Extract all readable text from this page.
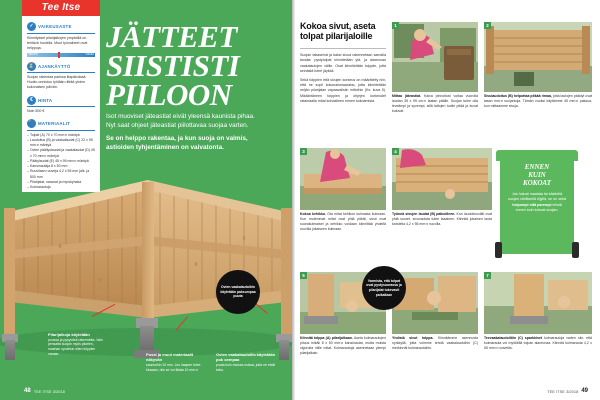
Tee Itse
✓	VAIKEUSASTE
Kiinnitykset pilarijalkojen ympärillä on tehtävä huolella. Muut työvaiheet ovat helppoja.
HELPPO	VAIKEA
⏳ AJANKÄYTTÖ
Suojan rakentaa parissa iltapäivässä. Huolto onnistuu työlään riittää yhden kokonaisen päivän.
€	HINTA
Noin 500 €
🔨 MATERIAALIT
– Tolpat (A) 70 x 70 mm:n mäntyä
– Laudoitus (B) ja vaakalaudat (C) 22 x 95 mm:n mäntyä
– Ovien päällyslaudat ja vaakalaudat (D) 45 x 70 mm:n mäntyä
– Päätylaudat (E) 45 x 95 mm:n mäntyä
– Kansinaulaja 8 x 50 mm
– Ruuvilaan ruuveja 4,2 x 55 mm jalk. ja 800 mm
– Pilarijalat, saranat ja myrskyhaka
– Kulmarautoja
JÄTTEET
SIISTISTI
PIILOON
Isot muoviset jäteastiat eivät yleensä kaunista pihaa.
Nyt saat ohjeet jäteastiat piilottavaa suojaa varten.
Se on helppo rakentaa, ja kun suoja on valmis,
astioiden tyhjentäminen on vaivatonta.
Pilarijalkoja käytetään
puussa ja pysyvästi rakennetta. Vain pensaita suojan myös pilarien, maahan upotetun siten tolppien varaan.	Pussi ja muut materiaalit näkyvän
saumoihin 10 mm. Jos haapen tulee kiusaan, niin se voi tiltata 10 mm:n
Ovien vaakalaudoilla käytetään pok oempaa
puuta kuin muissa osissa, jotta ne eivät taivu.
48 TEE ITSE 3/2018
Kokoa sivut, aseta
tolpat pilarijaloille

Suojan takaseinä ja kaksi sivua rakennetaan samalla tavalla: pystytolpat kiinnitetään ylä- ja alareunan vaakalautojen väliin. Osat kiinnitetään tolppiin, jotta seinästä tulee jäykkä.

Sekä tolppien että sivujen korkeus on määrätelty niin, että ne sopii kokonaismaaraksi, jotta kiinnitetään neljän pilarijalan vapaavalisiin mittoihin (Ks. kuva 5). Mädäntäneen tolppien ja ohjejen korkeudet ratamaalla mitat kohdalleen ennen kokoamista.

1
Mittaa jäteastiat. Kaiva pinnoitust voitaa vuorolla laudan 35 x 95 cm:n laatan päälle. Suojan tulee olla leveämpi ja syvempi, sillä lattojen tuolle pitää ja kuvat kuluvat.
2
Sivulaudoitus (B) helpottaa pitkää rimaa, jotta lautojen päädyt ovat tasan mm:n suojarkoja. Tämän vuoksi käytämme 45 mm:n paksua, kun mittaamme sivuja.
3
Kokoa kehikko. Ota mitat kehikon kulmasta kulmaan. Kun molemmat mitat ovat yhtä pitkät, sivut ovat suorakulmaiset ja kehikko voidaan kiinnittää yhdellä ruuvilla jokaiseen kulmaan.
4
Työnnä sivujen laudat (B) paikoilleen. Kun laudoitusvälit ovat yhtä suuret, sivuvaoista tulee tasainen. Kiinnitä jokainen lauta kahdella 4,2 x 55 mm:n ruuvilla.
5
Kiinnitä tolppa (A) pilarijalkaan. Aseta kulmarautojen pituus mikäli 8 x 50 mm:n kansinaulat, mutta muista vigoroita niille mitat. Kulmarautoja asennetaan ylempi pilarijalkain.
Yhdistä sivut tolppa. Kiinnitämme asennusta nyrkkyllä, jotta voimme tehdä vaakalaudoihin (C) merkinnät kulmarautoihin.
7
Teevaakalaudoiltiin (C) sparkkiset kulmarautoja varten niin, että kulmarauta voi myötäillä tolpan alareunaa. Kiinnitä kulmarauta 4,2 x 55 mm:n ruuveilla.
TEE ITSE 3/2018 49
Ovien vaakalautoihin käytetään paksumpaa puuta
Varmista, että tolpat ovat pystysuorassa ja pilarijalat tukevasti paikallaan
ENNEN
KUIN
KOKOAT
Jos haluat maalata tai käsitellä suojan värillisellä öljyllä, se on sekä helpompi että parempi tehdä ennen kuin kokoat suojan.
